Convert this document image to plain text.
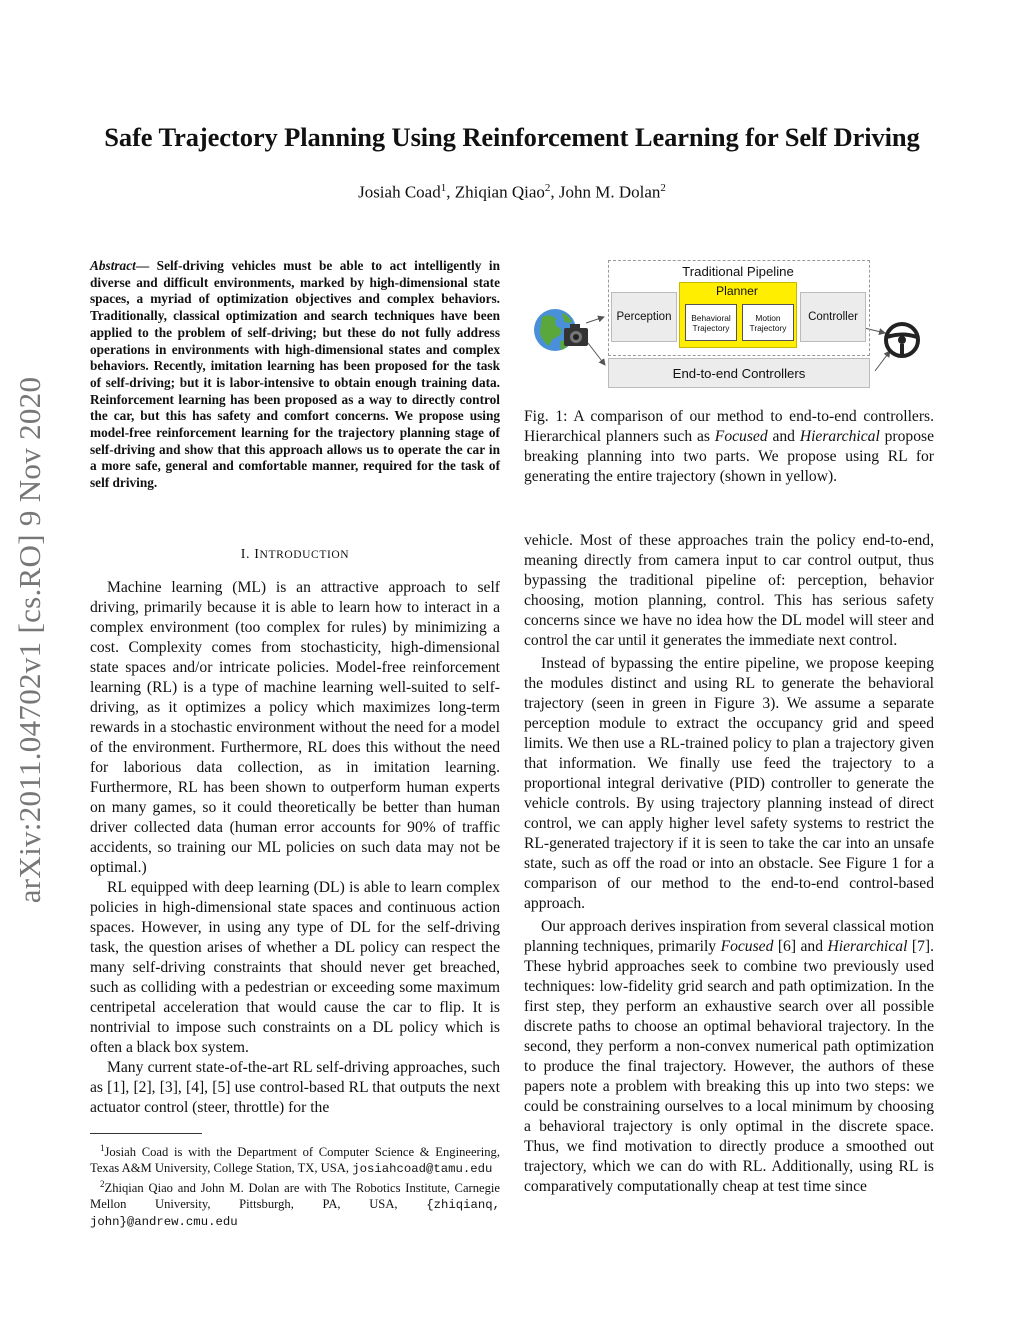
arXiv:2011.04702v1 [cs.RO] 9 Nov 2020
Safe Trajectory Planning Using Reinforcement Learning for Self Driving
Josiah Coad$^1$, Zhiqian Qiao$^2$, John M. Dolan$^2$
Abstract— Self-driving vehicles must be able to act intelligently in diverse and difficult environments, marked by high-dimensional state spaces, a myriad of optimization objectives and complex behaviors. Traditionally, classical optimization and search techniques have been applied to the problem of self-driving; but these do not fully address operations in environments with high-dimensional states and complex behaviors. Recently, imitation learning has been proposed for the task of self-driving; but it is labor-intensive to obtain enough training data. Reinforcement learning has been proposed as a way to directly control the car, but this has safety and comfort concerns. We propose using model-free reinforcement learning for the trajectory planning stage of self-driving and show that this approach allows us to operate the car in a more safe, general and comfortable manner, required for the task of self driving.
I. INTRODUCTION

Machine learning (ML) is an attractive approach to self driving, primarily because it is able to learn how to interact in a complex environment (too complex for rules) by minimizing a cost. Complexity comes from stochasticity, high-dimensional state spaces and/or intricate policies. Model-free reinforcement learning (RL) is a type of machine learning well-suited to self-driving, as it optimizes a policy which maximizes long-term rewards in a stochastic environment without the need for a model of the environment. Furthermore, RL does this without the need for laborious data collection, as in imitation learning. Furthermore, RL has been shown to outperform human experts on many games, so it could theoretically be better than human driver collected data (human error accounts for 90% of traffic accidents, so training our ML policies on such data may not be optimal.)

RL equipped with deep learning (DL) is able to learn complex policies in high-dimensional state spaces and continuous action spaces. However, in using any type of DL for the self-driving task, the question arises of whether a DL policy can respect the many self-driving constraints that should never get breached, such as colliding with a pedestrian or exceeding some maximum centripetal acceleration that would cause the car to flip. It is nontrivial to impose such constraints on a DL policy which is often a black box system.

Many current state-of-the-art RL self-driving approaches, such as [1], [2], [3], [4], [5] use control-based RL that outputs the next actuator control (steer, throttle) for the

$^1$Josiah Coad is with the Department of Computer Science & Engineering, Texas A&M University, College Station, TX, USA, josiahcoad@tamu.edu

$^2$Zhiqian Qiao and John M. Dolan are with The Robotics Institute, Carnegie Mellon University, Pittsburgh, PA, USA, {zhiqianq, john}@andrew.cmu.edu

Traditional Pipeline
Perception
Planner
Behavioral Trajectory
Motion Trajectory
Controller
End-to-end Controllers
Fig. 1: A comparison of our method to end-to-end controllers. Hierarchical planners such as Focused and Hierarchical propose breaking planning into two parts. We propose using RL for generating the entire trajectory (shown in yellow).

vehicle. Most of these approaches train the policy end-to-end, meaning directly from camera input to car control output, thus bypassing the traditional pipeline of: perception, behavior choosing, motion planning, control. This has serious safety concerns since we have no idea how the DL model will steer and control the car until it generates the immediate next control.

Instead of bypassing the entire pipeline, we propose keeping the modules distinct and using RL to generate the behavioral trajectory (seen in green in Figure 3). We assume a separate perception module to extract the occupancy grid and speed limits. We then use a RL-trained policy to plan a trajectory given that information. We finally use feed the trajectory to a proportional integral derivative (PID) controller to generate the vehicle controls. By using trajectory planning instead of direct control, we can apply higher level safety systems to restrict the RL-generated trajectory if it is seen to take the car into an unsafe state, such as off the road or into an obstacle. See Figure 1 for a comparison of our method to the end-to-end control-based approach.

Our approach derives inspiration from several classical motion planning techniques, primarily Focused [6] and Hierarchical [7]. These hybrid approaches seek to combine two previously used techniques: low-fidelity grid search and path optimization. In the first step, they perform an exhaustive search over all possible discrete paths to choose an optimal behavioral trajectory. In the second, they perform a non-convex numerical path optimization to produce the final trajectory. However, the authors of these papers note a problem with breaking this up into two steps: we could be constraining ourselves to a local minimum by choosing a behavioral trajectory is only optimal in the discrete space. Thus, we find motivation to directly produce a smoothed out trajectory, which we can do with RL. Additionally, using RL is comparatively computationally cheap at test time since
